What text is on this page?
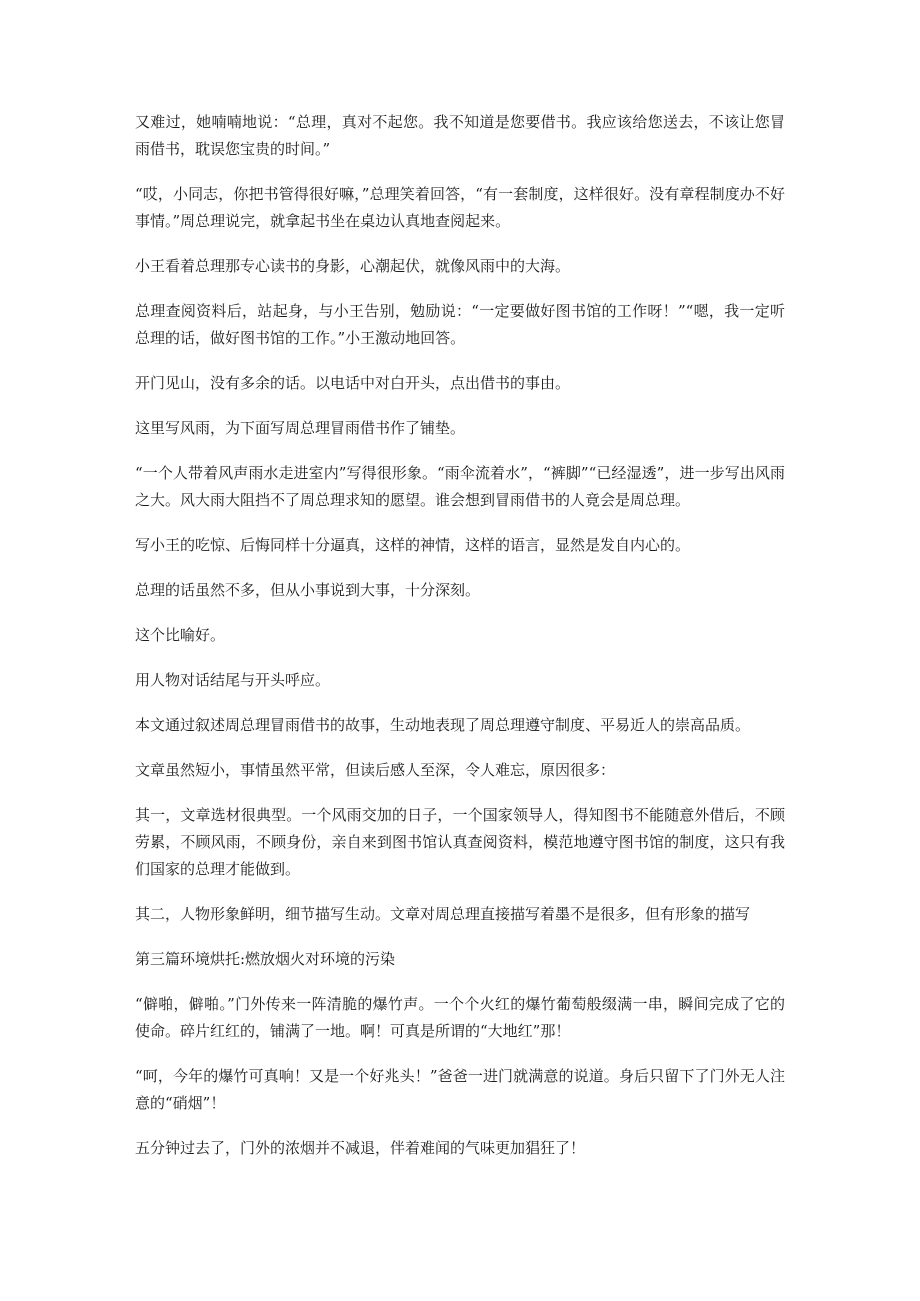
又难过，她喃喃地说：“总理，真对不起您。我不知道是您要借书。我应该给您送去，不该让您冒雨借书，耽误您宝贵的时间。”

“哎，小同志，你把书管得很好嘛，”总理笑着回答，“有一套制度，这样很好。没有章程制度办不好事情。”周总理说完，就拿起书坐在桌边认真地查阅起来。

小王看着总理那专心读书的身影，心潮起伏，就像风雨中的大海。

总理查阅资料后，站起身，与小王告别，勉励说：“一定要做好图书馆的工作呀！”“嗯，我一定听总理的话，做好图书馆的工作。”小王激动地回答。

开门见山，没有多余的话。以电话中对白开头，点出借书的事由。

这里写风雨，为下面写周总理冒雨借书作了铺垫。

“一个人带着风声雨水走进室内”写得很形象。“雨伞流着水”，“裤脚”“已经湿透”，进一步写出风雨之大。风大雨大阻挡不了周总理求知的愿望。谁会想到冒雨借书的人竟会是周总理。

写小王的吃惊、后悔同样十分逼真，这样的神情，这样的语言，显然是发自内心的。

总理的话虽然不多，但从小事说到大事，十分深刻。

这个比喻好。

用人物对话结尾与开头呼应。

本文通过叙述周总理冒雨借书的故事，生动地表现了周总理遵守制度、平易近人的崇高品质。

文章虽然短小，事情虽然平常，但读后感人至深，令人难忘，原因很多：

其一，文章选材很典型。一个风雨交加的日子，一个国家领导人，得知图书不能随意外借后，不顾劳累，不顾风雨，不顾身份，亲自来到图书馆认真查阅资料，模范地遵守图书馆的制度，这只有我们国家的总理才能做到。

其二，人物形象鲜明，细节描写生动。文章对周总理直接描写着墨不是很多，但有形象的描写

第三篇环境烘托:燃放烟火对环境的污染

“僻啪，僻啪。”门外传来一阵清脆的爆竹声。一个个火红的爆竹葡萄般缀满一串，瞬间完成了它的使命。碎片红红的，铺满了一地。啊！可真是所谓的“大地红”那！

“呵，今年的爆竹可真响！又是一个好兆头！”爸爸一进门就满意的说道。身后只留下了门外无人注意的“硝烟”！

五分钟过去了，门外的浓烟并不减退，伴着难闻的气味更加猖狂了！
